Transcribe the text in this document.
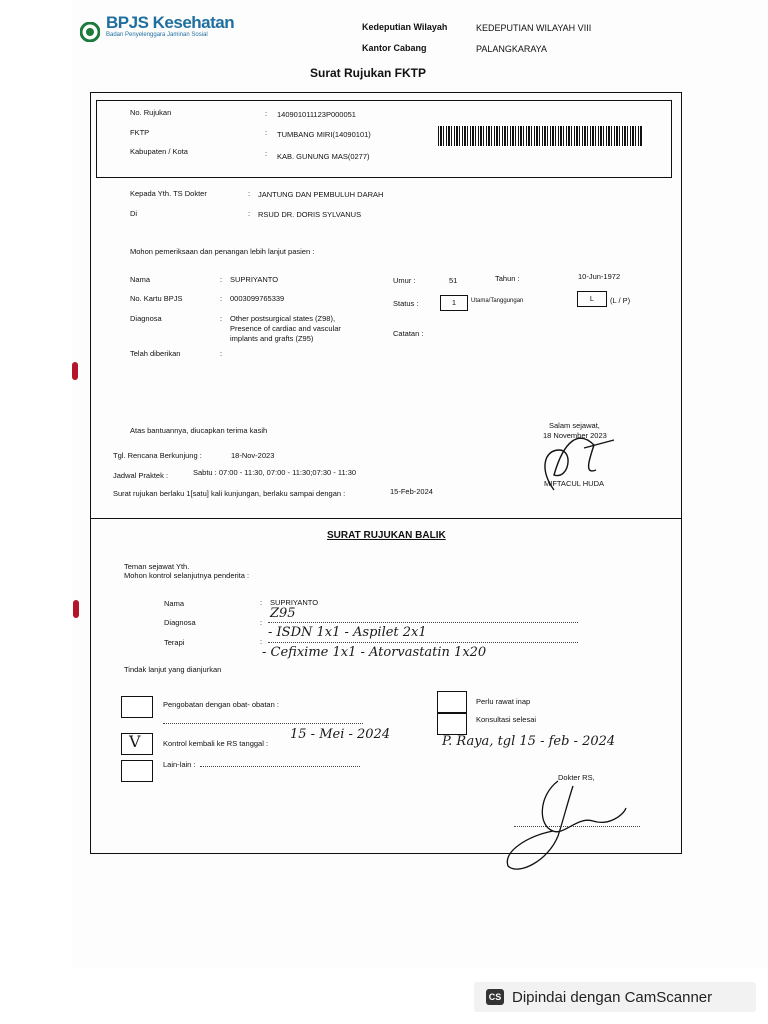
BPJS Kesehatan
Badan Penyelenggara Jaminan Sosial
Kedeputian Wilayah	KEDEPUTIAN WILAYAH VIII
Kantor Cabang	PALANGKARAYA
Surat Rujukan FKTP
No. Rujukan	: 140901011123P000051
FKTP	: TUMBANG MIRI(14090101)
Kabupaten / Kota	: KAB. GUNUNG MAS(0277)
Kepada Yth. TS Dokter	: JANTUNG DAN PEMBULUH DARAH
Di	: RSUD DR. DORIS SYLVANUS
Mohon pemeriksaan dan penangan lebih lanjut pasien :
Nama	: SUPRIYANTO	Umur :	51	Tahun :	10-Jun-1972
No. Kartu BPJS	: 0003099765339
Status :	1	Utama/Tanggungan	L	(L / P)
Diagnosa	: Other postsurgical states (Z98),
Presence of cardiac and vascular
implants and grafts (Z95)
Catatan :
Telah diberikan	:
Atas bantuannya, diucapkan terima kasih
Salam sejawat,
18 November 2023
Tgl. Rencana Berkunjung :	18-Nov-2023
Jadwal Praktek :	Sabtu : 07:00 - 11:30, 07:00 - 11:30;07:30 - 11:30
Surat rujukan berlaku 1[satu] kali kunjungan, berlaku sampai dengan :	15-Feb-2024
MIFTACUL HUDA
SURAT RUJUKAN BALIK
Teman sejawat Yth.
Mohon kontrol selanjutnya penderita :
Nama	: SUPRIYANTO
Diagnosa	:
Z95
Terapi	:
- ISDN 1x1 - Aspilet 2x1
- Cefixime 1x1 - Atorvastatin 1x20
Tindak lanjut yang dianjurkan
Pengobatan dengan obat- obatan :
V	Kontrol kembali ke RS tanggal :
15 - Mei - 2024
Lain-lain :
Perlu rawat inap
Konsultasi selesai
P. Raya, tgl 15 - feb - 2024
Dokter RS,
CS Dipindai dengan CamScanner
